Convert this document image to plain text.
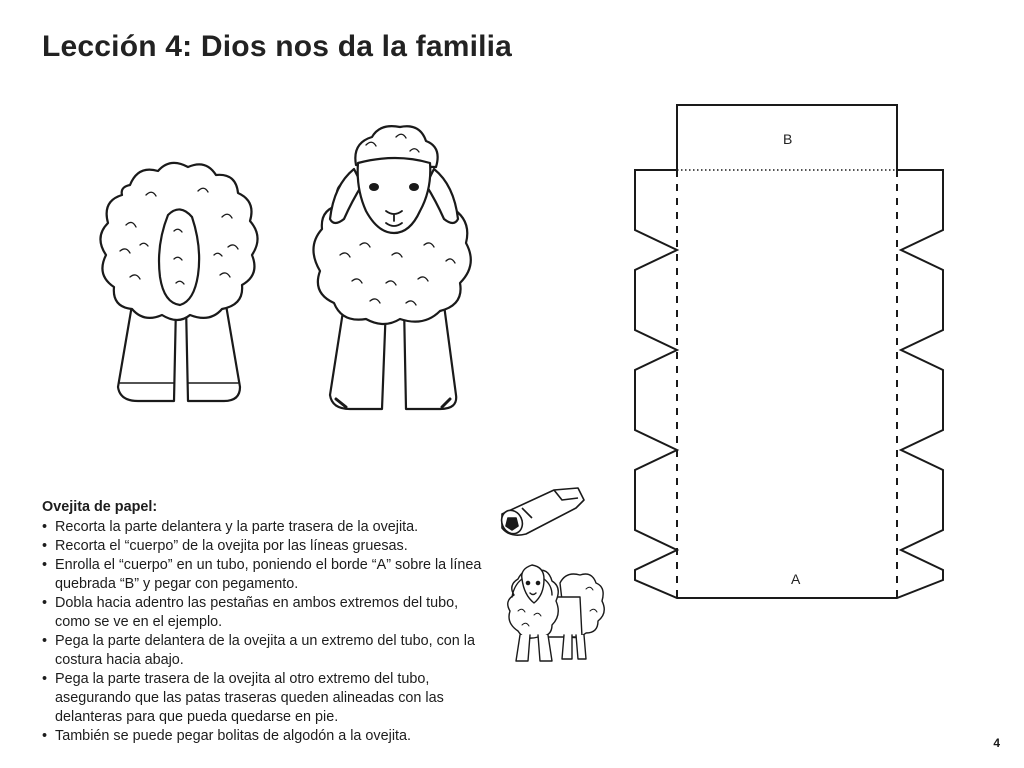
Lección 4: Dios nos da la familia
B
A

Ovejita de papel:

• Recorta la parte delantera y la parte trasera de la ovejita.
• Recorta el “cuerpo” de la ovejita por las líneas gruesas.
• Enrolla el “cuerpo” en un tubo, poniendo el borde “A” sobre la línea quebrada “B” y pegar con pegamento.
• Dobla hacia adentro las pestañas en ambos extremos del tubo, como se ve en el ejemplo.
• Pega la parte delantera de la ovejita a un extremo del tubo, con la costura hacia abajo.
• Pega la parte trasera de la ovejita al otro extremo del tubo, asegurando que las patas traseras queden alineadas con las delanteras para que pueda quedarse en pie.
• También se puede pegar bolitas de algodón a la ovejita.	4
